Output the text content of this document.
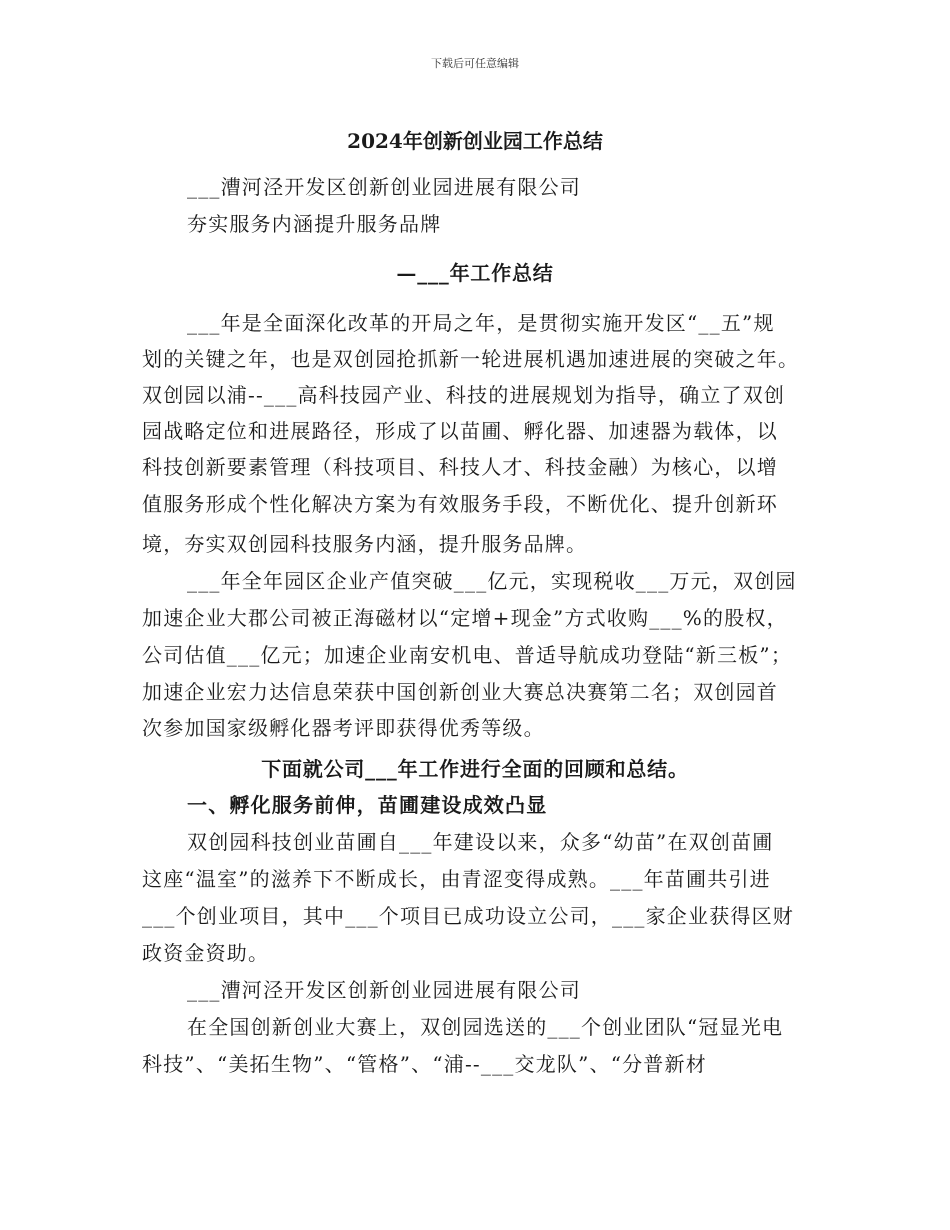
下载后可任意编辑
2024年创新创业园工作总结
___漕河泾开发区创新创业园进展有限公司
夯实服务内涵提升服务品牌
—___年工作总结
___年是全面深化改革的开局之年，是贯彻实施开发区“__五”规
划的关键之年，也是双创园抢抓新一轮进展机遇加速进展的突破之年。
双创园以浦--___高科技园产业、科技的进展规划为指导，确立了双创
园战略定位和进展路径，形成了以苗圃、孵化器、加速器为载体，以
科技创新要素管理（科技项目、科技人才、科技金融）为核心，以增
值服务形成个性化解决方案为有效服务手段，不断优化、提升创新环
境，夯实双创园科技服务内涵，提升服务品牌。
___年全年园区企业产值突破___亿元，实现税收___万元，双创园
加速企业大郡公司被正海磁材以“定增+现金”方式收购___%的股权，
公司估值___亿元；加速企业南安机电、普适导航成功登陆“新三板”；
加速企业宏力达信息荣获中国创新创业大赛总决赛第二名；双创园首
次参加国家级孵化器考评即获得优秀等级。
下面就公司___年工作进行全面的回顾和总结。
一、孵化服务前伸，苗圃建设成效凸显
双创园科技创业苗圃自___年建设以来，众多“幼苗”在双创苗圃
这座“温室”的滋养下不断成长，由青涩变得成熟。___年苗圃共引进
___个创业项目，其中___个项目已成功设立公司，___家企业获得区财
政资金资助。
___漕河泾开发区创新创业园进展有限公司
在全国创新创业大赛上，双创园选送的___个创业团队“冠显光电
科技”、“美拓生物”、“管格”、“浦--___交龙队”、“分普新材
